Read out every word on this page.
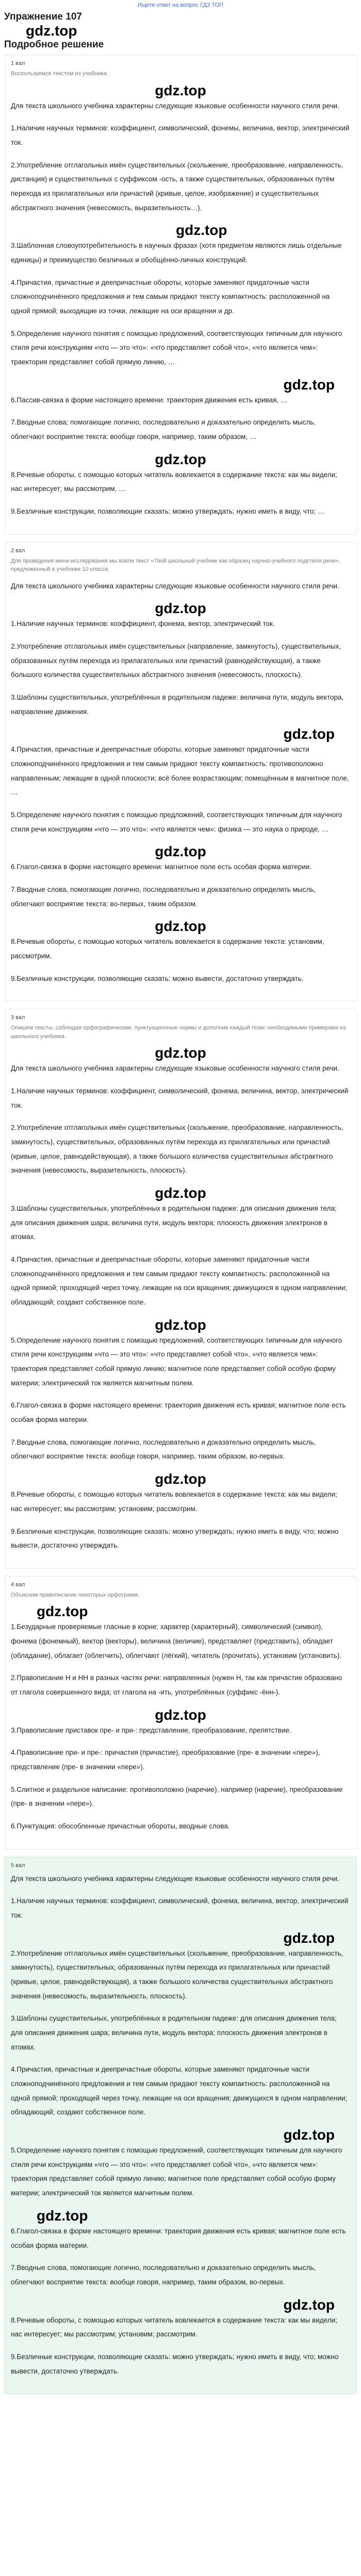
Ищете ответ на вопрос ГДЗ ТОП
Упражнение 107
gdz.top
Подробное решение
1 вал
Воспользуемся текстом из учебника.
gdz.top

Для текста школьного учебника характерны следующие языковые особенности научного стиля речи.

1.Наличие научных терминов: коэффициент, символический, фонемы, величина, вектор, электрический ток.

2.Употребление отглагольных имён существительных (скольжение, преобразование, направленность, дистанция) и существительных с суффиксом -ость, а также существительных, образованных путём перехода из прилагательных или причастий (кривые, целое, изображение) и существительных абстрактного значения (невесомость, выразительность…).

gdz.top

3.Шаблонная словоупотребительность в научных фразах (хотя предметом являются лишь отдельные единицы) и преимущество безличных и обобщённо-личных конструкций.

4.Причастия, причастные и деепричастные обороты, которые заменяют придаточные части сложноподчинённого предложения и тем самым придают тексту компактность: расположенной на одной прямой; выходящие из точки, лежащие на оси вращения и др.

5.Определение научного понятия с помощью предложений, соответствующих типичным для научного стиля речи конструкциям «что — это что»: «что представляет собой что», «что является чем»: траектория представляет собой прямую линию, …

gdz.top

6.Пассив-связка в форме настоящего времени: траектория движения есть кривая, …

7.Вводные слова; помогающие логично, последовательно и доказательно определить мысль, облегчают восприятие текста: вообще говоря, например, таким образом, …

gdz.top

8.Речевые обороты, с помощью которых читатель вовлекается в содержание текста: как мы видели; нас интересует; мы рассмотрим, …

9.Безличные конструкции, позволяющие сказать; можно утверждать; нужно иметь в виду, что; …

2 вал
Для проведения мини-исследования мы взяли текст «Твой школьный учебник как образец научно-учебного подстиля речи», предложенный в учебнике 10 класса.

Для текста школьного учебника характерны следующие языковые особенности научного стиля речи.

gdz.top

1.Наличие научных терминов: коэффициент, фонема, вектор, электрический ток.

2.Употребление отглагольных имён существительных (направление, замкнутость), существительных, образованных путём перехода из прилагательных или причастий (равнодействующая), а также большого количества существительных абстрактного значения (невесомость, плоскость).

3.Шаблоны существительных, употреблённых в родительном падеже: величина пути, модуль вектора, направление движения.

gdz.top

4.Причастия, причастные и деепричастные обороты, которые заменяют придаточные части сложноподчинённого предложения и тем самым придают тексту компактность: противоположно направленным; лежащие в одной плоскости; всё более возрастающим; помещённым в магнитное поле, …

5.Определение научного понятия с помощью предложений, соответствующих типичным для научного стиля речи конструкциям «что — это что»: «что является чем»: физика — это наука о природе, …

gdz.top

6.Глагол-связка в форме настоящего времени: магнитное поле есть особая форма материи.

7.Вводные слова, помогающие логично, последовательно и доказательно определить мысль, облегчают восприятие текста: во-первых, таким образом.

gdz.top

8.Речевые обороты, с помощью которых читатель вовлекается в содержание текста: установим, рассмотрим.

9.Безличные конструкции, позволяющие сказать: можно вывести, достаточно утверждать.

3 вал
Опишем тексты, соблюдая орфографические, пунктуационные нормы и дополнив каждый тезис необходимыми примерами из школьного учебника.
gdz.top

Для текста школьного учебника характерны следующие языковые особенности научного стиля речи.

1.Наличие научных терминов: коэффициент, символический, фонема, величина, вектор, электрический ток.

2.Употребление отглагольных имён существительных (скольжение, преобразование, направленность, замкнутость), существительных, образованных путём перехода из прилагательных или причастий (кривые, целое, равнодействующая), а также большого количества существительных абстрактного значения (невесомость, выразительность, плоскость).

gdz.top

3.Шаблоны существительных, употреблённых в родительном падеже: для описания движения тела; для описания движения шара; величина пути, модуль вектора; плоскость движения электронов в атомах.

4.Причастия, причастные и деепричастные обороты, которые заменяют придаточные части сложноподчинённого предложения и тем самым придают тексту компактность: расположенной на одной прямой; проходящей через точку, лежащие на оси вращения; движущихся в одном направлении; обладающий; создают собственное поле.

gdz.top

5.Определение научного понятия с помощью предложений, соответствующих типичным для научного стиля речи конструкциям «что — это что»: «что представляет собой что», «что является чем»: траектория представляет собой прямую линию; магнитное поле представляет собой особую форму материи; электрический ток является магнитным полем.

6.Глагол-связка в форме настоящего времени: траектория движения есть кривая; магнитное поле есть особая форма материи.

7.Вводные слова, помогающие логично, последовательно и доказательно определить мысль, облегчают восприятие текста: вообще говоря, например, таким образом, во-первых.

gdz.top

8.Речевые обороты, с помощью которых читатель вовлекается в содержание текста: как мы видели; нас интересует; мы рассмотрим; установим; рассмотрим.

9.Безличные конструкции, позволяющие сказать: можно утверждать; нужно иметь в виду, что; можно вывести, достаточно утверждать.

4 вал
Объясним правописание некоторых орфограмм.
gdz.top

1.Безударные проверяемые гласные в корне: характер (характерный), символический (символ), фонема (фонемный), вектор (векторы), величина (величие), представляет (представить), обладает (обладание), облагает (облегчить), облегчают (лёгкий), читатель (прочитать), установим (установить).

2.Правописание Н и НН в разных частях речи: направленных (нужен Н, так как причастие образовано от глагола совершенного вида; от глагола на -ить, употреблённых (суффикс -ённ-).

gdz.top

3.Правописание приставок пре- и при-: представление, преобразование, препятствие.

4.Правописание при- и пре-: причастия (причастие), преобразование (пре- в значении «пере»), представление (пре- в значении «пере»).

5.Слитное и раздельное написание: противоположно (наречие), например (наречие), преобразование (пре- в значении «пере»).

6.Пунктуация: обособленные причастные обороты, вводные слова.

5 вал

Для текста школьного учебника характерны следующие языковые особенности научного стиля речи.

1.Наличие научных терминов: коэффициент, символический, фонема, величина, вектор, электрический ток.

gdz.top

2.Употребление отглагольных имён существительных (скольжение, преобразование, направленность, замкнутость), существительных, образованных путём перехода из прилагательных или причастий (кривые, целое, равнодействующая), а также большого количества существительных абстрактного значения (невесомость, выразительность, плоскость).

3.Шаблоны существительных, употреблённых в родительном падеже: для описания движения тела; для описания движения шара; величина пути, модуль вектора; плоскость движения электронов в атомах.

4.Причастия, причастные и деепричастные обороты, которые заменяют придаточные части сложноподчинённого предложения и тем самым придают тексту компактность: расположенной на одной прямой; проходящей через точку, лежащие на оси вращения; движущихся в одном направлении; обладающий; создают собственное поле.

gdz.top

5.Определение научного понятия с помощью предложений, соответствующих типичным для научного стиля речи конструкциям «что — это что»: «что представляет собой что», «что является чем»: траектория представляет собой прямую линию; магнитное поле представляет собой особую форму материи; электрический ток является магнитным полем.

gdz.top

6.Глагол-связка в форме настоящего времени: траектория движения есть кривая; магнитное поле есть особая форма материи.

7.Вводные слова, помогающие логично, последовательно и доказательно определить мысль, облегчают восприятие текста: вообще говоря, например, таким образом, во-первых.

gdz.top

8.Речевые обороты, с помощью которых читатель вовлекается в содержание текста: как мы видели; нас интересует; мы рассмотрим; установим; рассмотрим.

9.Безличные конструкции, позволяющие сказать: можно утверждать; нужно иметь в виду, что; можно вывести, достаточно утверждать.
